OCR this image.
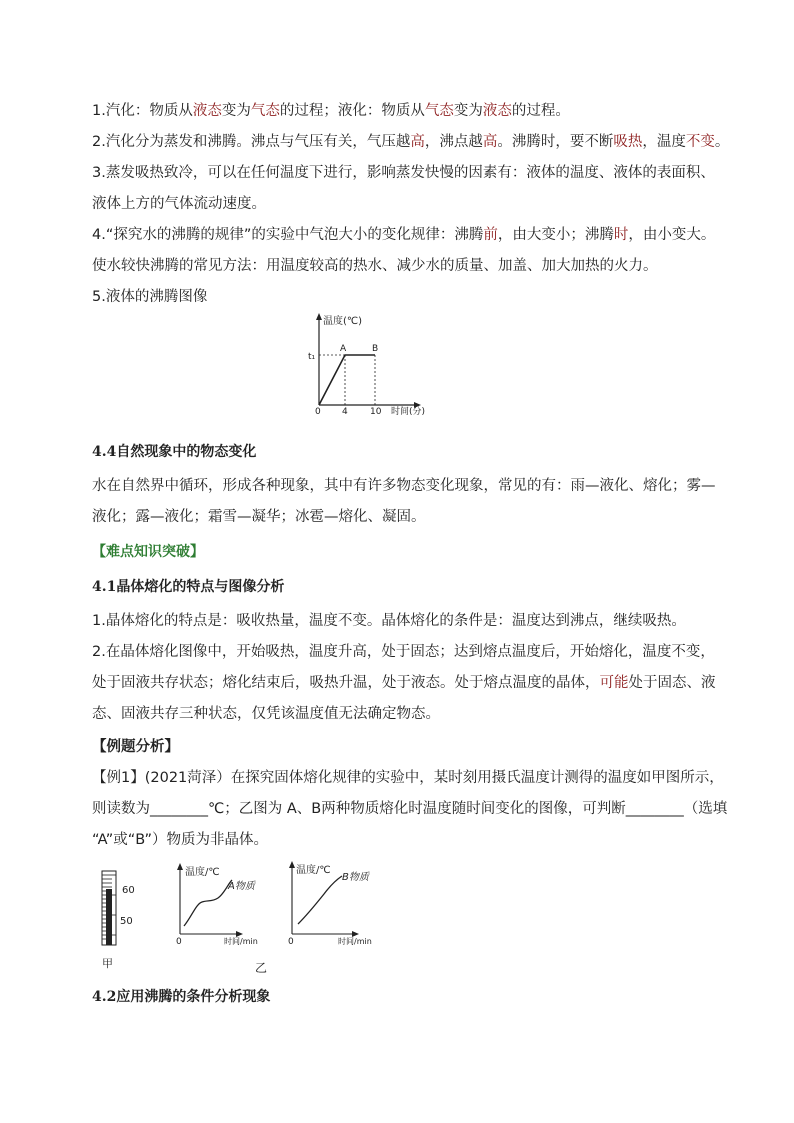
1.汽化：物质从液态变为气态的过程；液化：物质从气态变为液态的过程。
2.汽化分为蒸发和沸腾。沸点与气压有关，气压越高，沸点越高。沸腾时，要不断吸热，温度不变。
3.蒸发吸热致冷，可以在任何温度下进行，影响蒸发快慢的因素有：液体的温度、液体的表面积、
液体上方的气体流动速度。
4.“探究水的沸腾的规律”的实验中气泡大小的变化规律：沸腾前，由大变小；沸腾时，由小变大。
使水较快沸腾的常见方法：用温度较高的热水、减少水的质量、加盖、加大加热的火力。
5.液体的沸腾图像
温度(℃)
t₁
A	B
0 4 10 时间(分)
4.4自然现象中的物态变化
水在自然界中循环，形成各种现象，其中有许多物态变化现象，常见的有：雨—液化、熔化；雾—
液化；露—液化；霜雪—凝华；冰雹—熔化、凝固。
【难点知识突破】
4.1晶体熔化的特点与图像分析
1.晶体熔化的特点是：吸收热量，温度不变。晶体熔化的条件是：温度达到沸点，继续吸热。
2.在晶体熔化图像中，开始吸热，温度升高，处于固态；达到熔点温度后，开始熔化，温度不变，
处于固液共存状态；熔化结束后，吸热升温，处于液态。处于熔点温度的晶体，可能处于固态、液
态、固液共存三种状态，仅凭该温度值无法确定物态。
【例题分析】
【例1】(2021菏泽）在探究固体熔化规律的实验中，某时刻用摄氏温度计测得的温度如甲图所示，
则读数为________℃；乙图为 A、B两种物质熔化时温度随时间变化的图像，可判断________（选填
“A”或“B”）物质为非晶体。
60
50
甲
温度/℃
A物质
0	时间/min
温度/℃
B物质
0	时间/min
乙
4.2应用沸腾的条件分析现象
